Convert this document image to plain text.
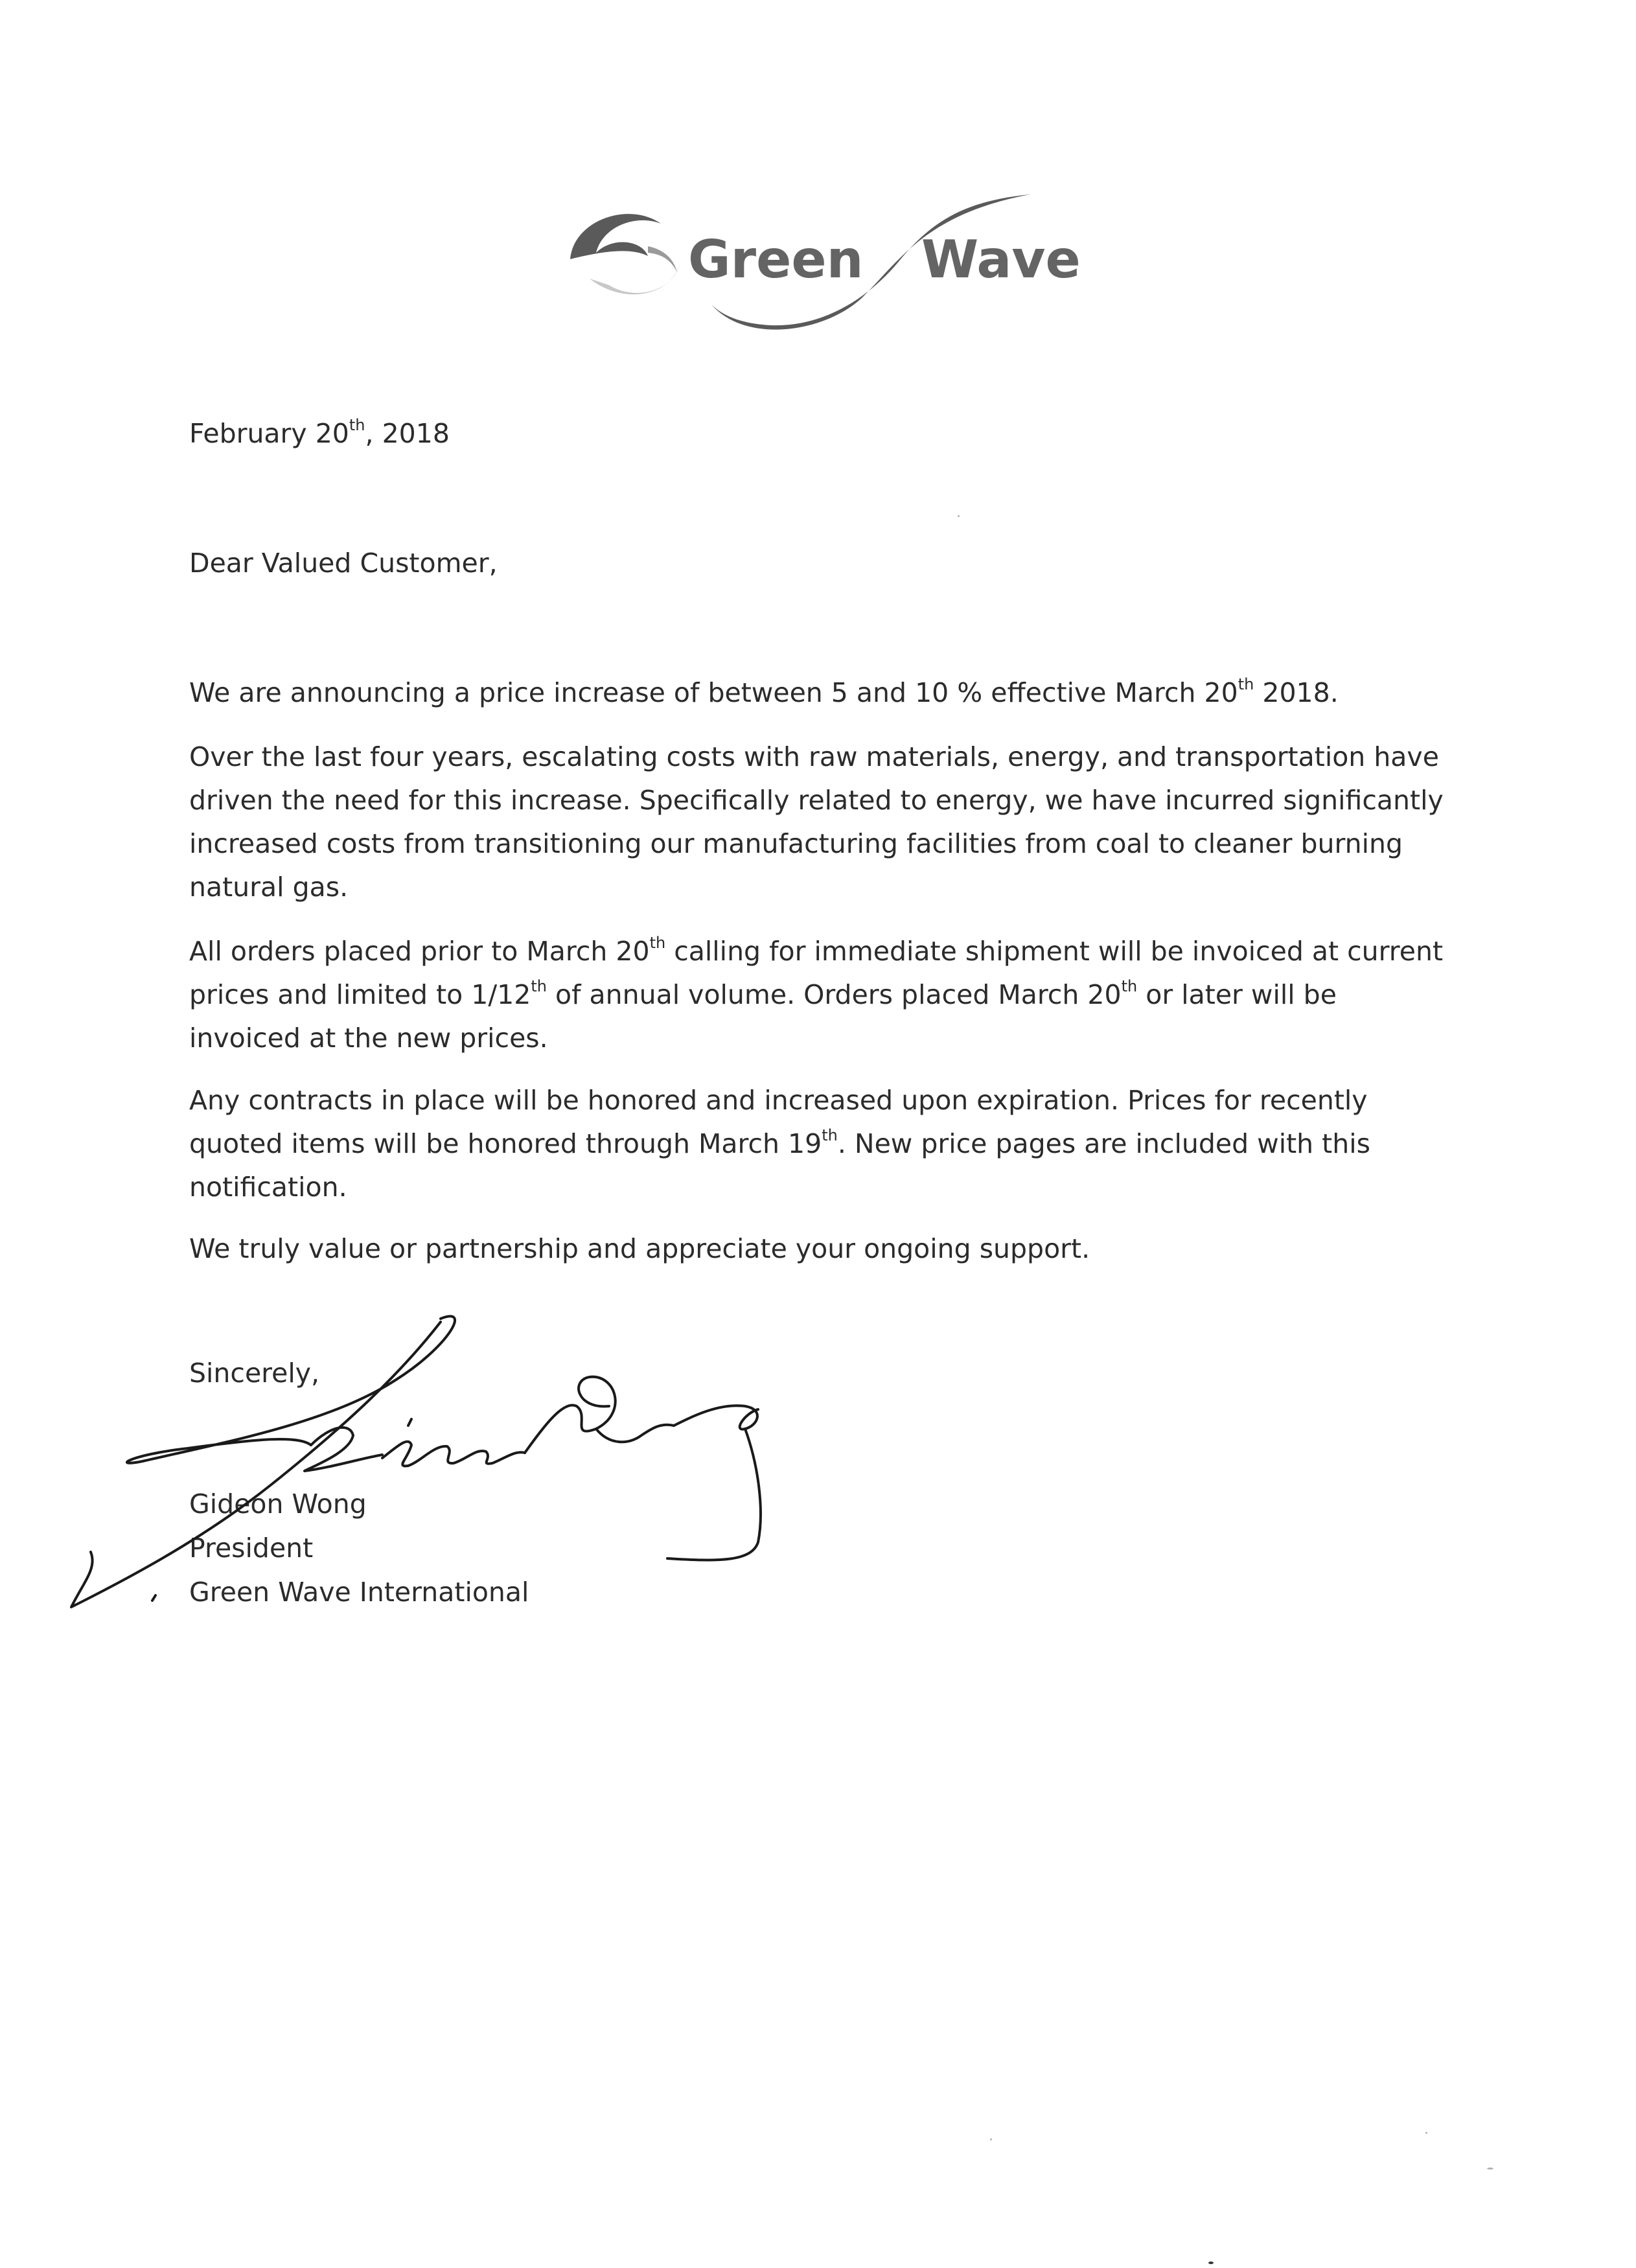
Green Wave
February 20th, 2018
Dear Valued Customer,

We are announcing a price increase of between 5 and 10 % effective March 20th 2018.

Over the last four years, escalating costs with raw materials, energy, and transportation have driven the need for this increase. Specifically related to energy, we have incurred significantly increased costs from transitioning our manufacturing facilities from coal to cleaner burning natural gas.

All orders placed prior to March 20th calling for immediate shipment will be invoiced at current prices and limited to 1/12th of annual volume. Orders placed March 20th or later will be invoiced at the new prices.

Any contracts in place will be honored and increased upon expiration. Prices for recently quoted items will be honored through March 19th. New price pages are included with this notification.

We truly value or partnership and appreciate your ongoing support.

Sincerely,
Gideon Wong
President
Green Wave International
